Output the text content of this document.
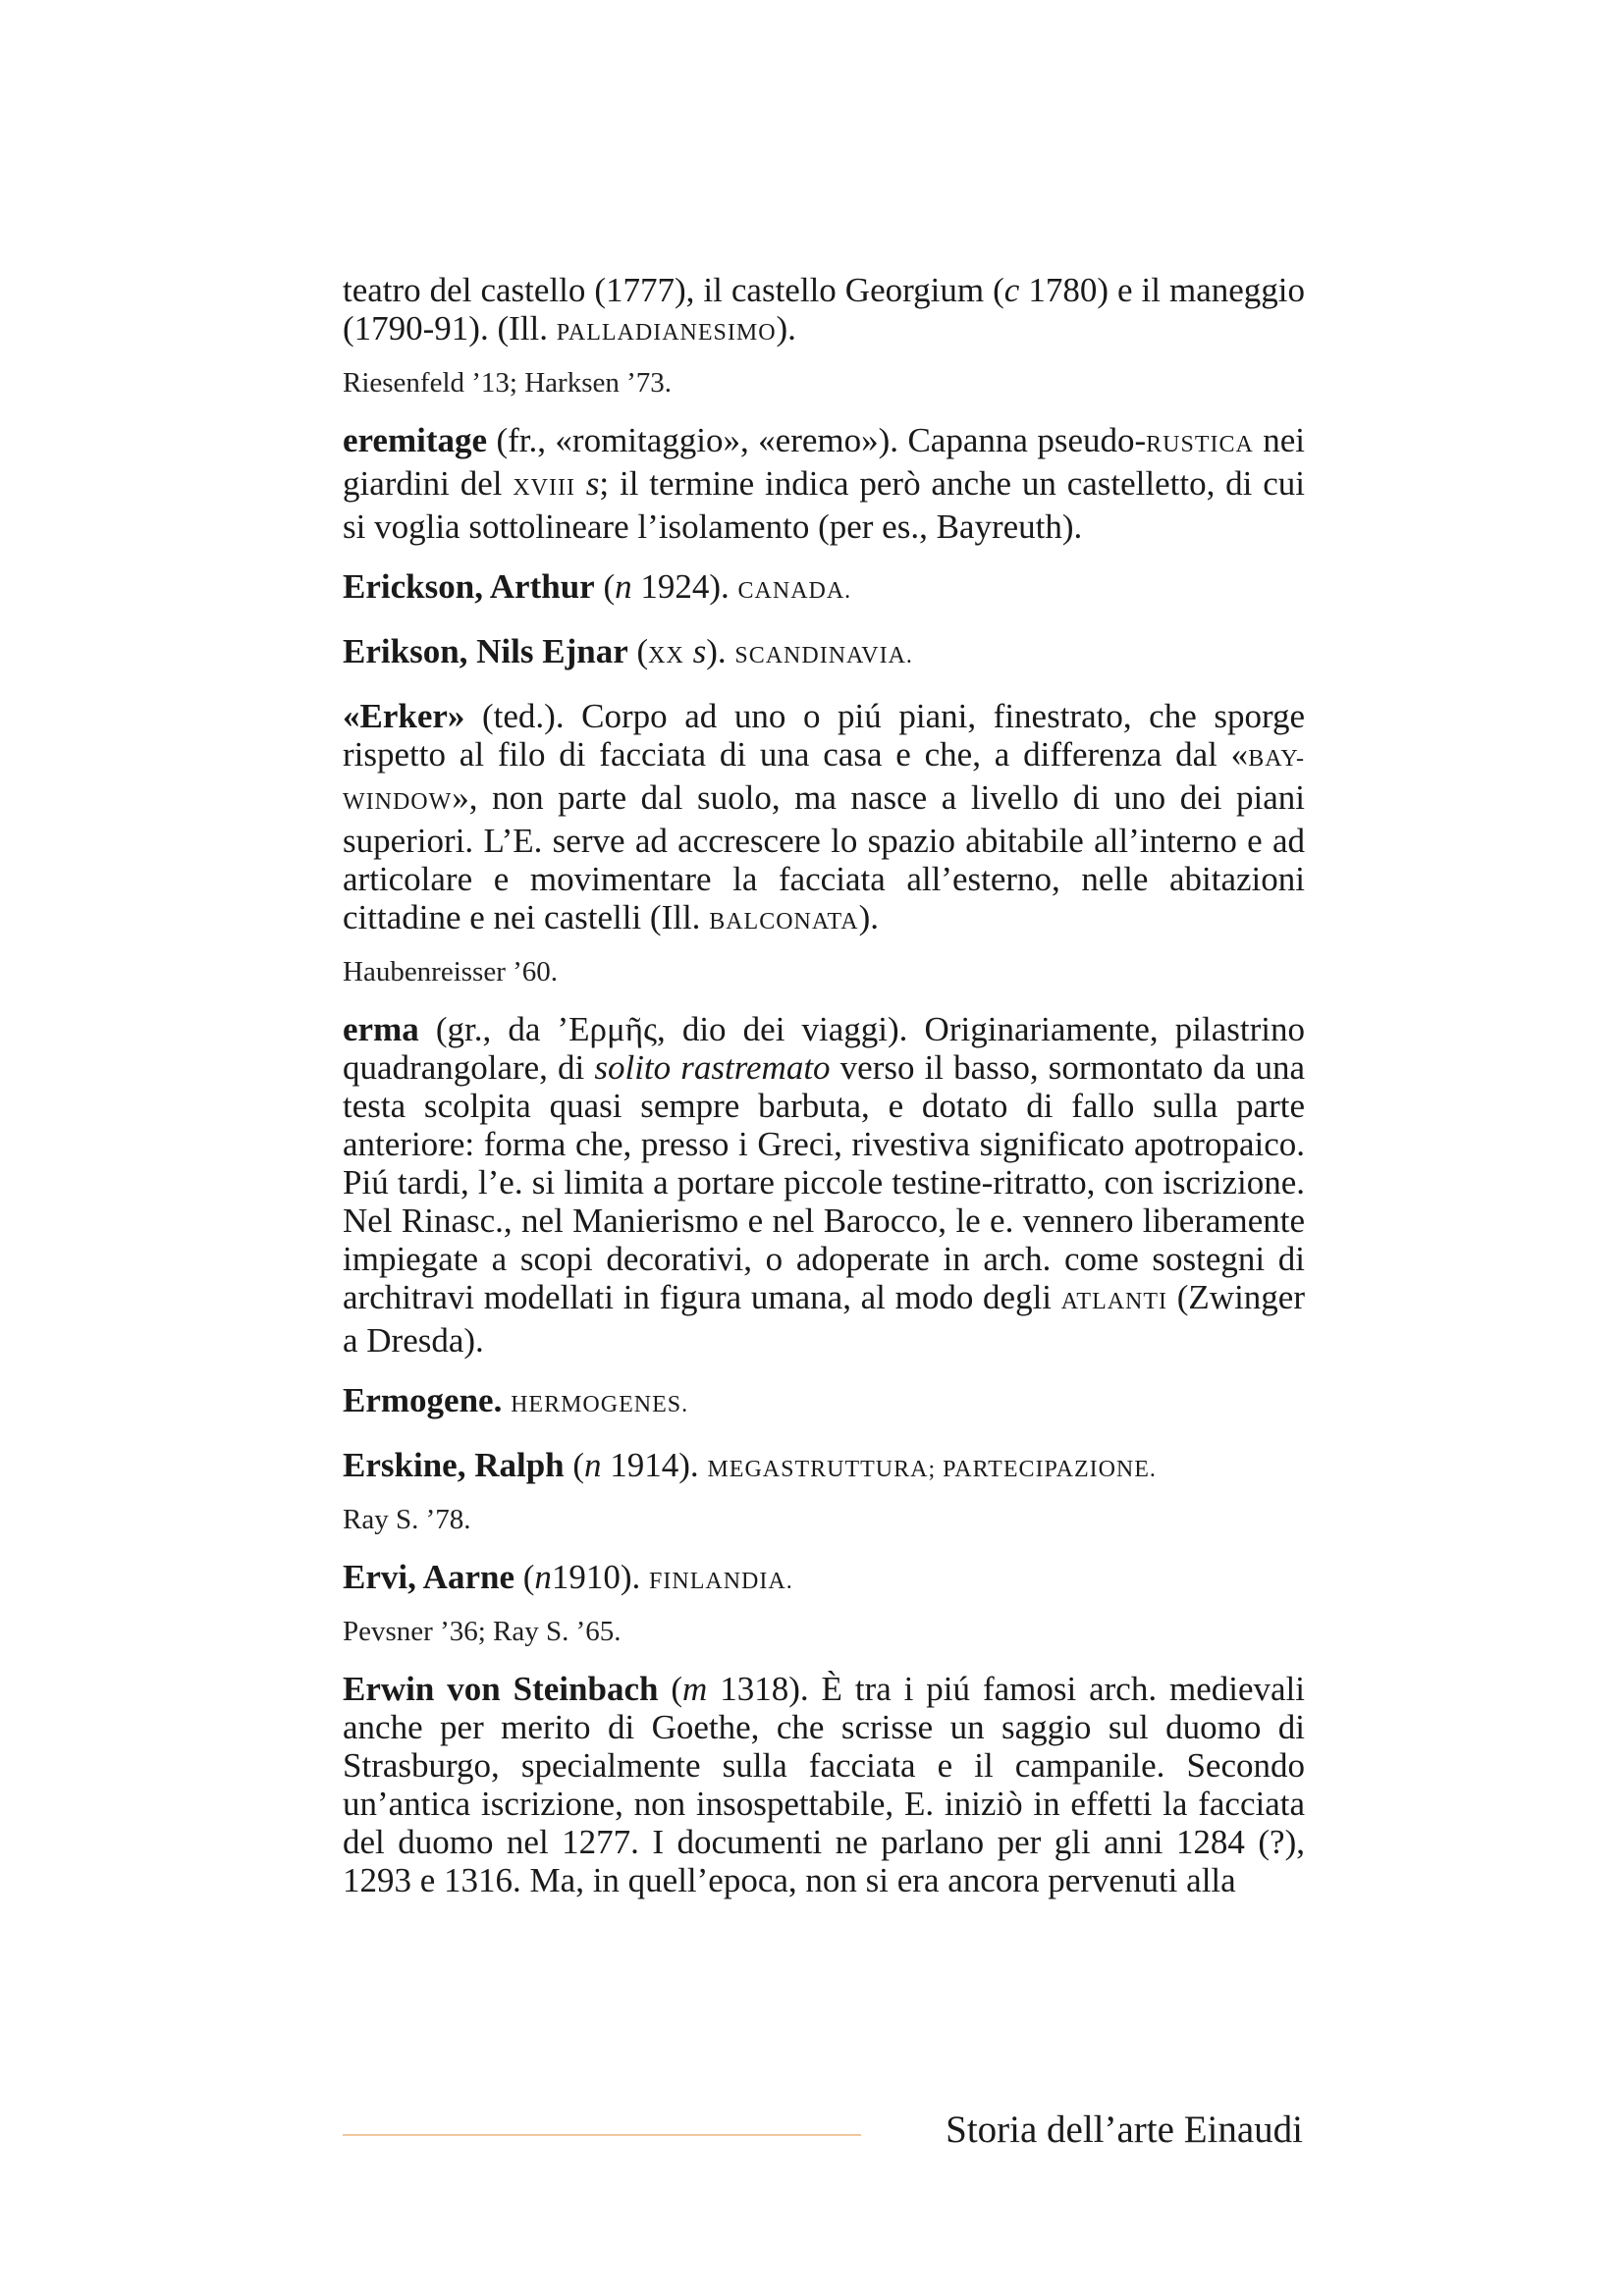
teatro del castello (1777), il castello Georgium (c 1780) e il maneggio (1790-91). (Ill. PALLADIANESIMO).

Riesenfeld ’13; Harksen ’73.

eremitage (fr., «romitaggio», «eremo»). Capanna pseudo-RUSTICA nei giardini del XVIII s; il termine indica però anche un castelletto, di cui si voglia sottolineare l’isolamento (per es., Bayreuth).

Erickson, Arthur (n 1924). CANADA.

Erikson, Nils Ejnar (XX s). SCANDINAVIA.

«Erker» (ted.). Corpo ad uno o piú piani, finestrato, che sporge rispetto al filo di facciata di una casa e che, a differenza dal «BAY-WINDOW», non parte dal suolo, ma nasce a livello di uno dei piani superiori. L’E. serve ad accrescere lo spazio abitabile all’interno e ad articolare e movimentare la facciata all’esterno, nelle abitazioni cittadine e nei castelli (Ill. BALCONATA).

Haubenreisser ’60.

erma (gr., da ’Ερμῆς, dio dei viaggi). Originariamente, pilastrino quadrangolare, di solito rastremato verso il basso, sormontato da una testa scolpita quasi sempre barbuta, e dotato di fallo sulla parte anteriore: forma che, presso i Greci, rivestiva significato apotropaico. Piú tardi, l’e. si limita a portare piccole testine-ritratto, con iscrizione. Nel Rinasc., nel Manierismo e nel Barocco, le e. vennero liberamente impiegate a scopi decorativi, o adoperate in arch. come sostegni di architravi modellati in figura umana, al modo degli ATLANTI (Zwinger a Dresda).

Ermogene. HERMOGENES.

Erskine, Ralph (n 1914). MEGASTRUTTURA; PARTECIPAZIONE.

Ray S. ’78.

Ervi, Aarne (n1910). FINLANDIA.

Pevsner ’36; Ray S. ’65.

Erwin von Steinbach (m 1318). È tra i piú famosi arch. medievali anche per merito di Goethe, che scrisse un saggio sul duomo di Strasburgo, specialmente sulla facciata e il campanile. Secondo un’antica iscrizione, non insospettabile, E. iniziò in effetti la facciata del duomo nel 1277. I documenti ne parlano per gli anni 1284 (?), 1293 e 1316. Ma, in quell’epoca, non si era ancora pervenuti alla

Storia dell’arte Einaudi
